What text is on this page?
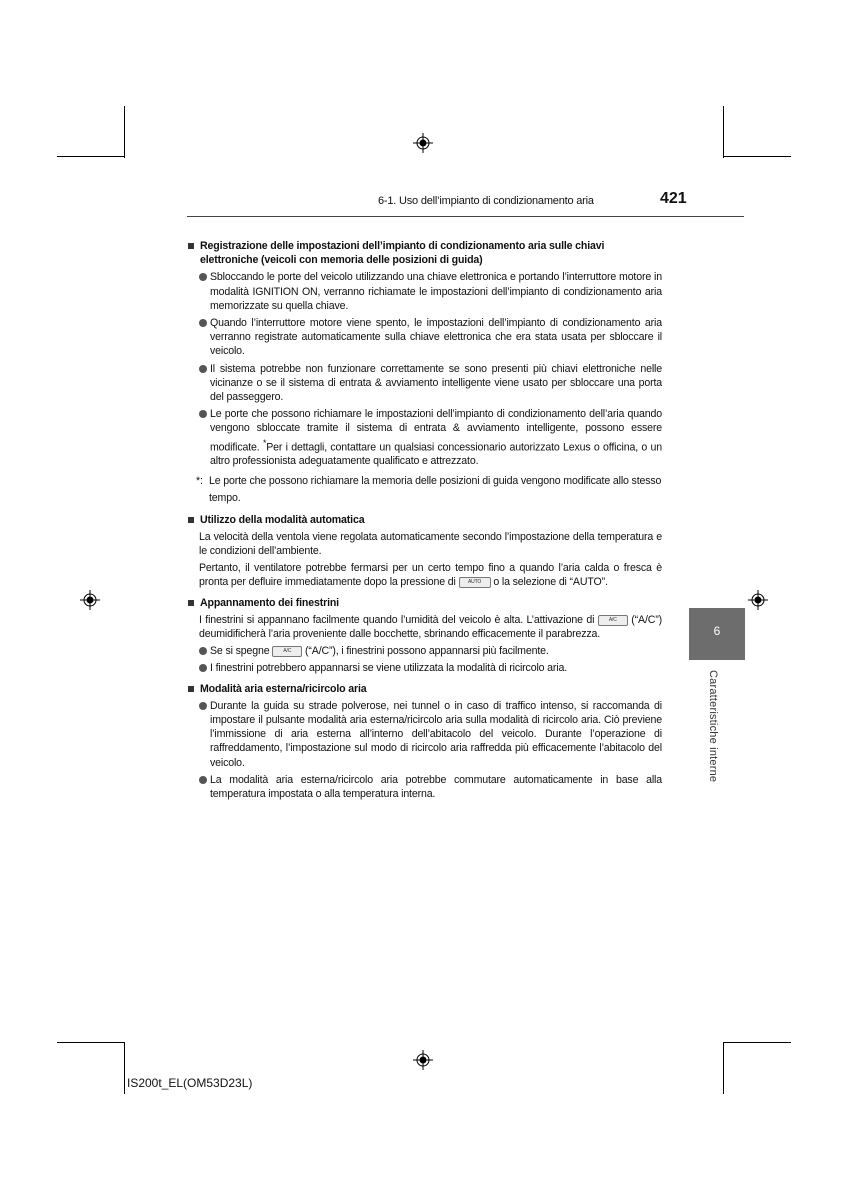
6-1. Uso dell’impianto di condizionamento aria	421
6
Caratteristiche interne
Registrazione delle impostazioni dell’impianto di condizionamento aria sulle chiavi elettroniche (veicoli con memoria delle posizioni di guida)
Sbloccando le porte del veicolo utilizzando una chiave elettronica e portando l’interruttore motore in modalità IGNITION ON, verranno richiamate le impostazioni dell’impianto di condizionamento aria memorizzate su quella chiave.
Quando l’interruttore motore viene spento, le impostazioni dell’impianto di condizionamento aria verranno registrate automaticamente sulla chiave elettronica che era stata usata per sbloccare il veicolo.
Il sistema potrebbe non funzionare correttamente se sono presenti più chiavi elettroniche nelle vicinanze o se il sistema di entrata & avviamento intelligente viene usato per sbloccare una porta del passeggero.
Le porte che possono richiamare le impostazioni dell’impianto di condizionamento dell’aria quando vengono sbloccate tramite il sistema di entrata & avviamento intelligente, possono essere modificate. *Per i dettagli, contattare un qualsiasi concessionario autorizzato Lexus o officina, o un altro professionista adeguatamente qualificato e attrezzato.
*: Le porte che possono richiamare la memoria delle posizioni di guida vengono modificate allo stesso tempo.
Utilizzo della modalità automatica
La velocità della ventola viene regolata automaticamente secondo l’impostazione della temperatura e le condizioni dell’ambiente.
Pertanto, il ventilatore potrebbe fermarsi per un certo tempo fino a quando l’aria calda o fresca è pronta per defluire immediatamente dopo la pressione di AUTO o la selezione di “AUTO”.
Appannamento dei finestrini
I finestrini si appannano facilmente quando l’umidità del veicolo è alta. L’attivazione di	A/C (“A/C”) deumidificherà l’aria proveniente dalle bocchette, sbrinando efficacemente il parabrezza.
Se si spegne	A/C (“A/C”), i finestrini possono appannarsi più facilmente.
I finestrini potrebbero appannarsi se viene utilizzata la modalità di ricircolo aria.
Modalità aria esterna/ricircolo aria
Durante la guida su strade polverose, nei tunnel o in caso di traffico intenso, si raccomanda di impostare il pulsante modalità aria esterna/ricircolo aria sulla modalità di ricircolo aria. Ciò previene l’immissione di aria esterna all’interno dell’abitacolo del veicolo. Durante l’operazione di raffreddamento, l’impostazione sul modo di ricircolo aria raffredda più efficacemente l’abitacolo del veicolo.
La modalità aria esterna/ricircolo aria potrebbe commutare automaticamente in base alla temperatura impostata o alla temperatura interna.
IS200t_EL(OM53D23L)
